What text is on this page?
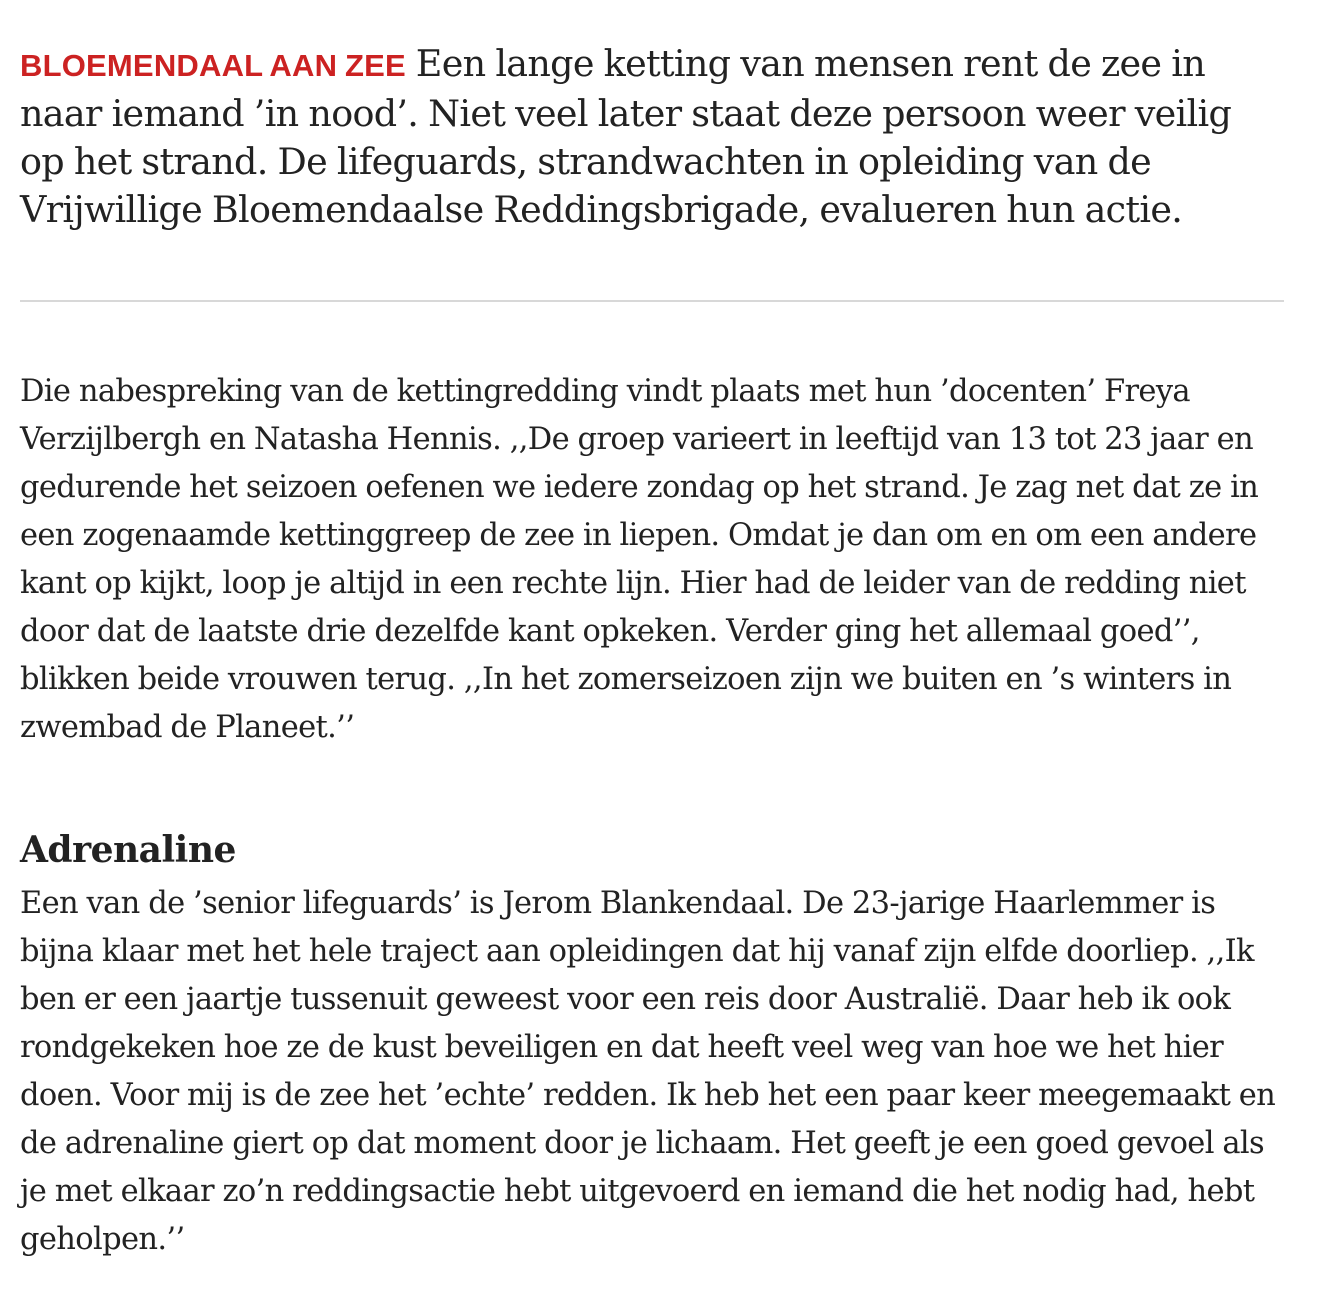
BLOEMENDAAL AAN ZEE Een lange ketting van mensen rent de zee in naar iemand ’in nood’. Niet veel later staat deze persoon weer veilig op het strand. De lifeguards, strandwachten in opleiding van de Vrijwillige Bloemendaalse Reddingsbrigade, evalueren hun actie.

Die nabespreking van de kettingredding vindt plaats met hun ’docenten’ Freya Verzijlbergh en Natasha Hennis. ,,De groep varieert in leeftijd van 13 tot 23 jaar en gedurende het seizoen oefenen we iedere zondag op het strand. Je zag net dat ze in een zogenaamde kettinggreep de zee in liepen. Omdat je dan om en om een andere kant op kijkt, loop je altijd in een rechte lijn. Hier had de leider van de redding niet door dat de laatste drie dezelfde kant opkeken. Verder ging het allemaal goed’’, blikken beide vrouwen terug. ,,In het zomerseizoen zijn we buiten en ’s winters in zwembad de Planeet.’’

Adrenaline

Een van de ’senior lifeguards’ is Jerom Blankendaal. De 23-jarige Haarlemmer is bijna klaar met het hele traject aan opleidingen dat hij vanaf zijn elfde doorliep. ,,Ik ben er een jaartje tussenuit geweest voor een reis door Australië. Daar heb ik ook rondgekeken hoe ze de kust beveiligen en dat heeft veel weg van hoe we het hier doen. Voor mij is de zee het ’echte’ redden. Ik heb het een paar keer meegemaakt en de adrenaline giert op dat moment door je lichaam. Het geeft je een goed gevoel als je met elkaar zo’n reddingsactie hebt uitgevoerd en iemand die het nodig had, hebt geholpen.’’
